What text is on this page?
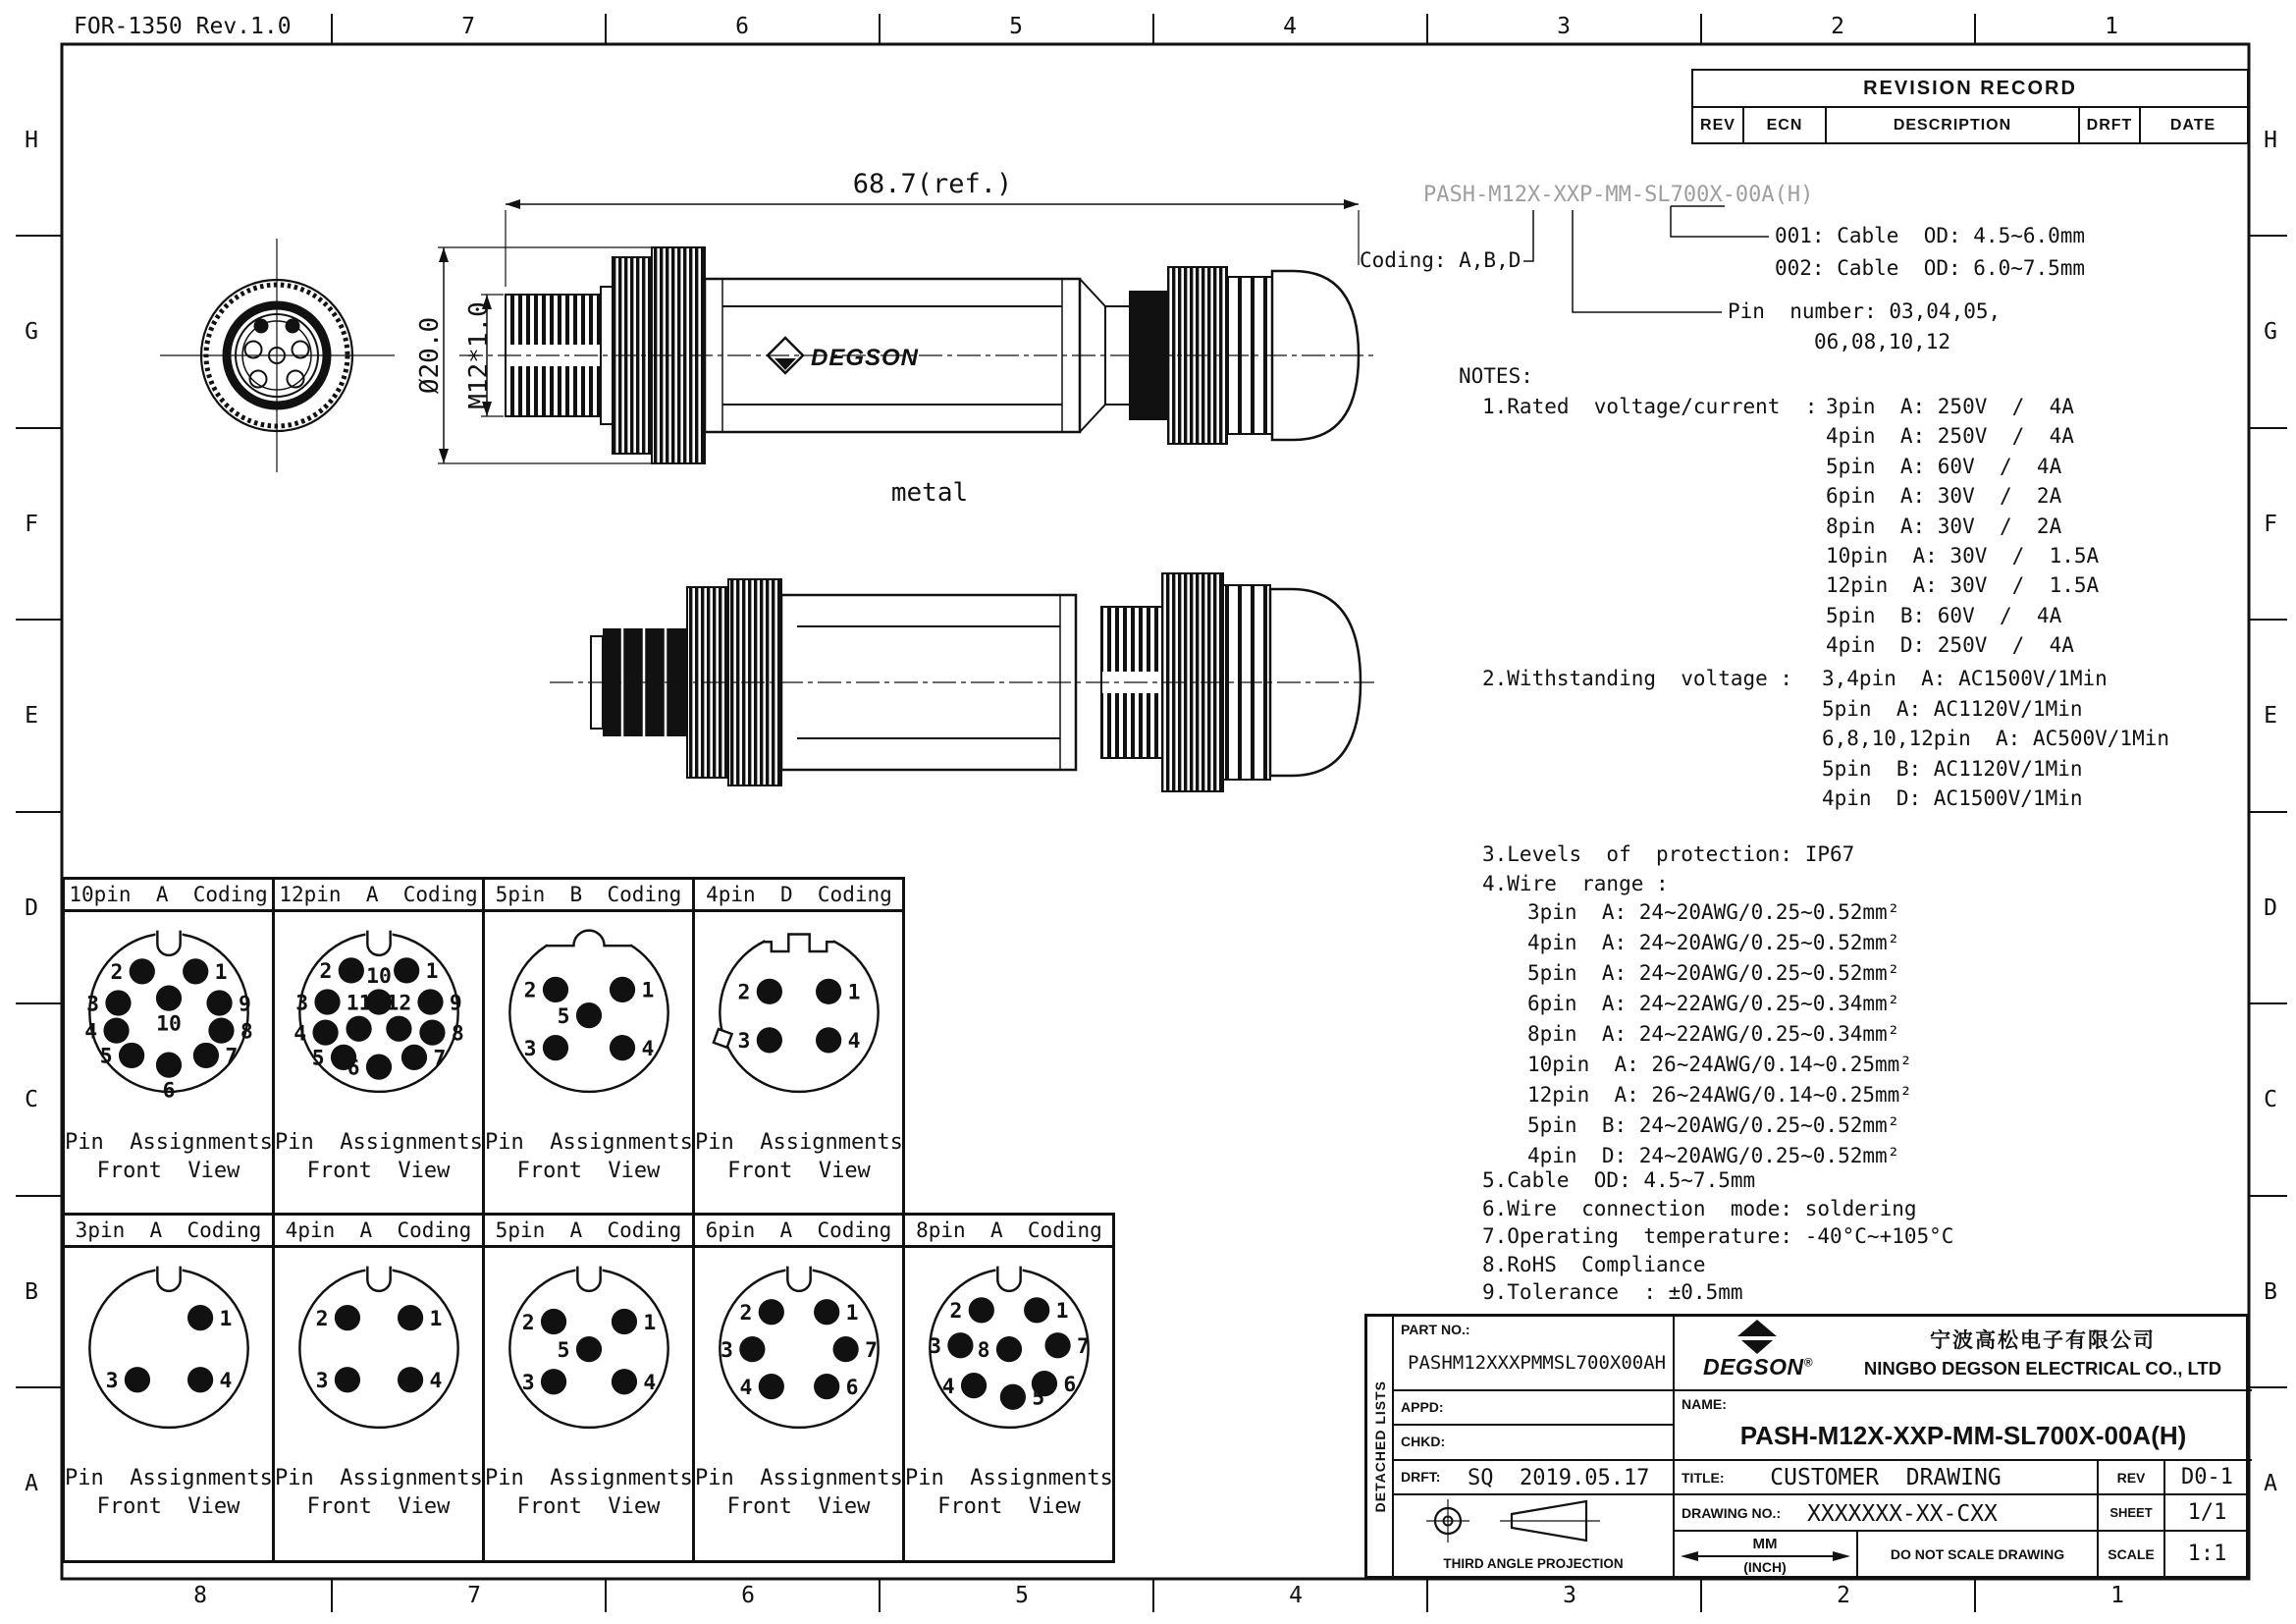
DEGSON
68.7(ref.)
Ø20.0 M12*1.0
metal
FOR-1350 Rev.1.0	7	6	5	4	3	2	1
8	7	6	5	4	3	2	1
H	H
G	G
F	F
E	E
D	D
C	C
B	B
A	A
REVISION RECORD
REV	ECN	DESCRIPTION	DRFT	DATE
PASH-M12X-XXP-MM-SL700X-00A(H)
Coding: A,B,D
001: Cable  OD: 4.5~6.0mm
002: Cable  OD: 6.0~7.5mm
Pin  number: 03,04,05,
06,08,10,12
NOTES:
1.Rated  voltage/current  : 3pin  A: 250V  /  4A
4pin  A: 250V  /  4A
5pin  A: 60V  /  4A
6pin  A: 30V  /  2A
8pin  A: 30V  /  2A
10pin  A: 30V  /  1.5A
12pin  A: 30V  /  1.5A
5pin  B: 60V  /  4A
4pin  D: 250V  /  4A
2.Withstanding  voltage : 3,4pin  A: AC1500V/1Min
5pin  A: AC1120V/1Min
6,8,10,12pin  A: AC500V/1Min
5pin  B: AC1120V/1Min
4pin  D: AC1500V/1Min
3.Levels  of  protection: IP67
4.Wire  range :
3pin  A: 24~20AWG/0.25~0.52mm²
4pin  A: 24~20AWG/0.25~0.52mm²
5pin  A: 24~20AWG/0.25~0.52mm²
6pin  A: 24~22AWG/0.25~0.34mm²
8pin  A: 24~22AWG/0.25~0.34mm²
10pin  A: 26~24AWG/0.14~0.25mm²
12pin  A: 26~24AWG/0.14~0.25mm²
5pin  B: 24~20AWG/0.25~0.52mm²
4pin  D: 24~20AWG/0.25~0.52mm²
5.Cable  OD: 4.5~7.5mm
6.Wire  connection  mode: soldering
7.Operating  temperature: -40°C~+105°C
8.RoHS  Compliance
9.Tolerance  : ±0.5mm
10pin  A  Coding
2	1
3	9
10
4	8
5
6
7
Pin  Assignments
Front  View
12pin  A  Coding
2	1
3	9
10
11 12
4	8
5 6	7
Pin  Assignments
Front  View
5pin  B  Coding
2	1
5
3	4
Pin  Assignments
Front  View
4pin  D  Coding
2	1
3	4
Pin  Assignments
Front  View
3pin  A  Coding
1
3	4
Pin  Assignments
Front  View
4pin  A  Coding
2	1
3	4
Pin  Assignments
Front  View
5pin  A  Coding
2	1
5
3	4
Pin  Assignments
Front  View
6pin  A  Coding
2	1
3	7
4	6
Pin  Assignments
Front  View
8pin  A  Coding
2	1
3 8	7
4	6
5
Pin  Assignments
Front  View	DETACHED LISTS
PART NO.:
PASHM12XXXPMMSL700X00AH
APPD:
CHKD:
DRFT: SQ  2019.05.17
THIRD ANGLE PROJECTION
DEGSON®
宁波高松电子有限公司
NINGBO DEGSON ELECTRICAL CO., LTD
NAME:
PASH-M12X-XXP-MM-SL700X-00A(H)
TITLE:	CUSTOMER  DRAWING	REV D0-1
DRAWING NO.: XXXXXXX-XX-CXX	SHEET 1/1
MM
(INCH)
DO NOT SCALE DRAWING	SCALE 1:1
